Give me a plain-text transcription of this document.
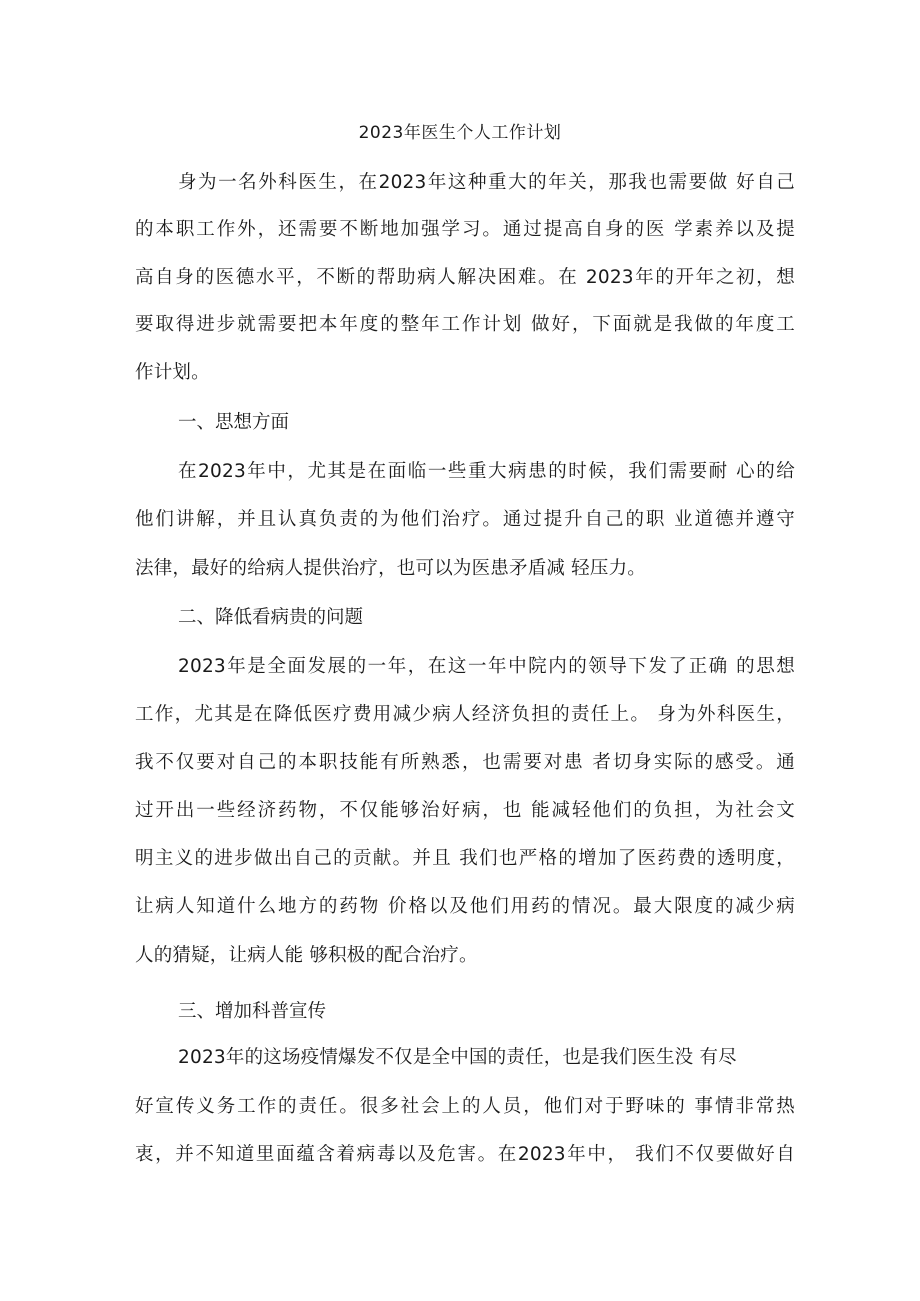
2023年医生个人工作计划
身为一名外科医生，在2023年这种重大的年关，那我也需要做 好自己
的本职工作外，还需要不断地加强学习。通过提高自身的医 学素养以及提
高自身的医德水平，不断的帮助病人解决困难。在 2023年的开年之初，想
要取得进步就需要把本年度的整年工作计划 做好，下面就是我做的年度工
作计划。
一、思想方面
在2023年中，尤其是在面临一些重大病患的时候，我们需要耐 心的给
他们讲解，并且认真负责的为他们治疗。通过提升自己的职 业道德并遵守
法律，最好的给病人提供治疗，也可以为医患矛盾减 轻压力。
二、降低看病贵的问题
2023年是全面发展的一年，在这一年中院内的领导下发了正确 的思想
工作，尤其是在降低医疗费用减少病人经济负担的责任上。 身为外科医生，
我不仅要对自己的本职技能有所熟悉，也需要对患 者切身实际的感受。通
过开出一些经济药物，不仅能够治好病，也 能减轻他们的负担，为社会文
明主义的进步做出自己的贡献。并且 我们也严格的增加了医药费的透明度，
让病人知道什么地方的药物 价格以及他们用药的情况。最大限度的减少病
人的猜疑，让病人能 够积极的配合治疗。
三、增加科普宣传
2023年的这场疫情爆发不仅是全中国的责任，也是我们医生没 有尽
好宣传义务工作的责任。很多社会上的人员，他们对于野味的 事情非常热
衷，并不知道里面蕴含着病毒以及危害。在2023年中， 我们不仅要做好自
